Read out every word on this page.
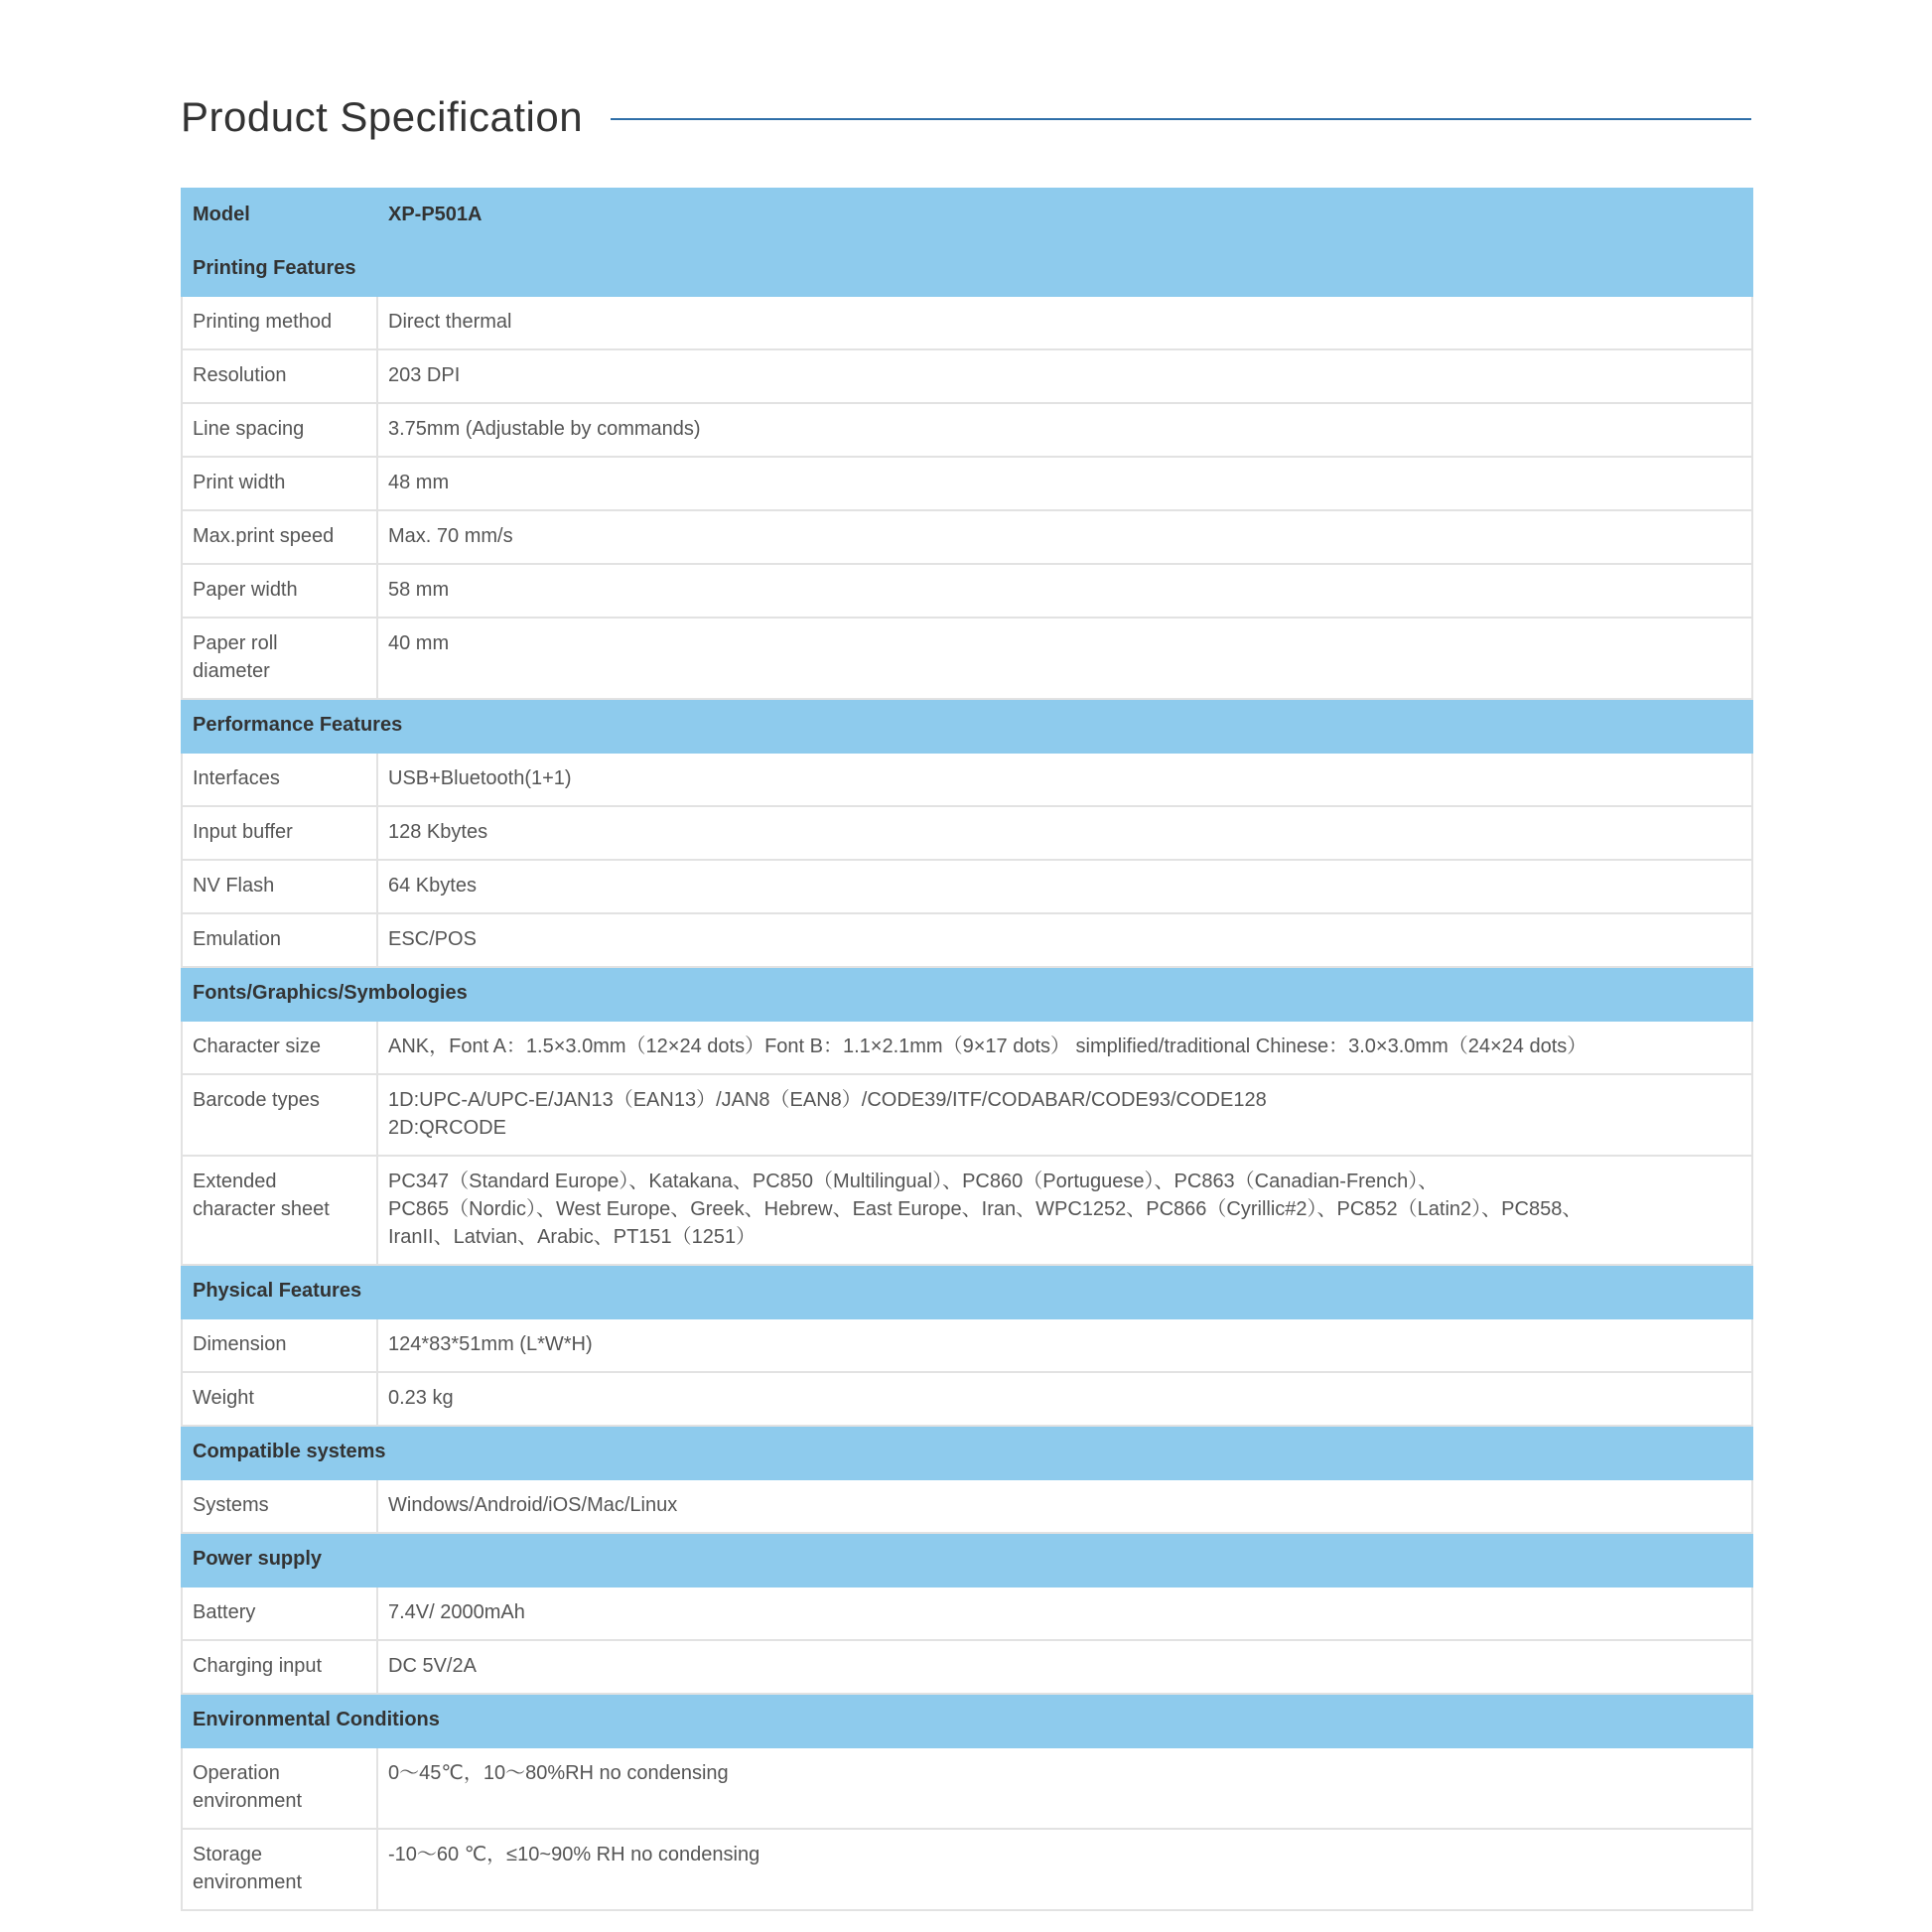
Product Specification
Model	XP-P501A
Printing Features	
Printing method	Direct thermal
Resolution	203 DPI
Line spacing	3.75mm (Adjustable by commands)
Print width	48 mm
Max.print speed	Max. 70 mm/s
Paper width	58 mm
Paper roll
diameter	40 mm
Performance Features	
Interfaces	USB+Bluetooth(1+1)
Input buffer	128 Kbytes
NV Flash	64 Kbytes
Emulation	ESC/POS
Fonts/Graphics/Symbologies	
Character size	ANK，Font A：1.5×3.0mm（12×24 dots）Font B：1.1×2.1mm（9×17 dots） simplified/traditional Chinese：3.0×3.0mm（24×24 dots）
Barcode types	1D:UPC-A/UPC-E/JAN13（EAN13）/JAN8（EAN8）/CODE39/ITF/CODABAR/CODE93/CODE128
2D:QRCODE
Extended
character sheet	PC347（Standard Europe）、Katakana、PC850（Multilingual）、PC860（Portuguese）、PC863（Canadian-French）、
PC865（Nordic）、West Europe、Greek、Hebrew、East Europe、Iran、WPC1252、PC866（Cyrillic#2）、PC852（Latin2）、PC858、
IranII、Latvian、Arabic、PT151（1251）
Physical Features	
Dimension	124*83*51mm (L*W*H)
Weight	0.23 kg
Compatible systems	
Systems	Windows/Android/iOS/Mac/Linux
Power supply	
Battery	7.4V/ 2000mAh
Charging input	DC 5V/2A
Environmental Conditions	
Operation
environment	0～45℃，10～80%RH no condensing
Storage
environment	-10～60 ℃，≤10~90% RH no condensing
